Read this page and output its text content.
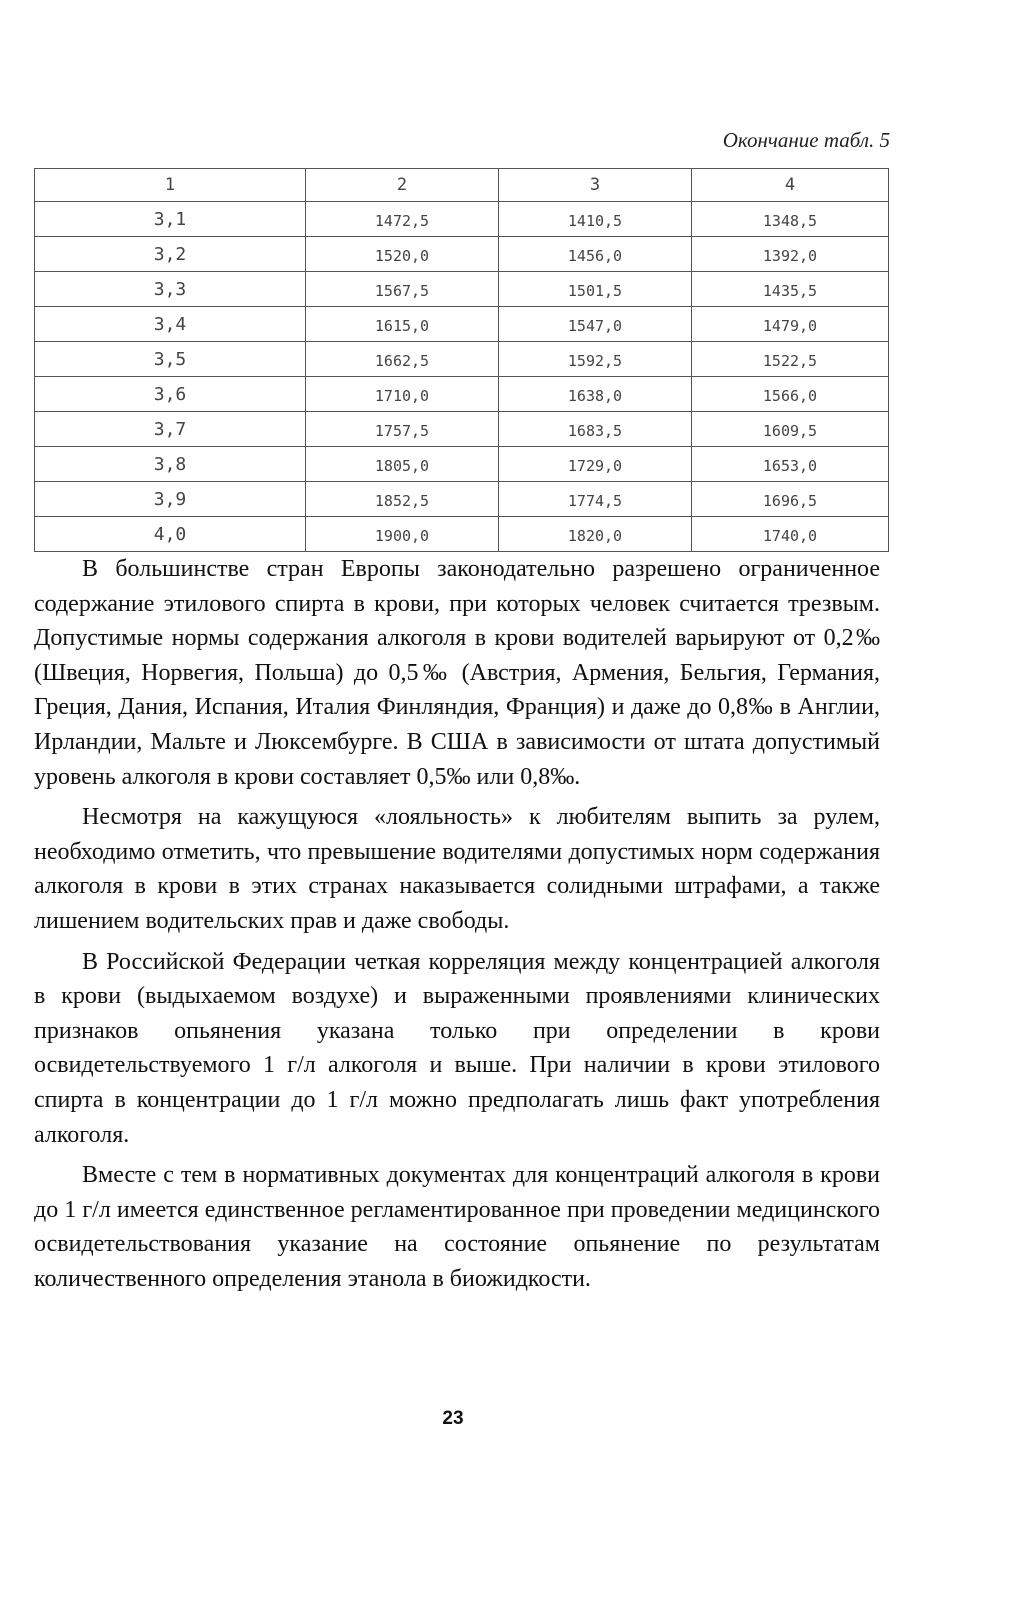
Окончание табл. 5
1	2	3	4
3,1	1472,5	1410,5	1348,5
3,2	1520,0	1456,0	1392,0
3,3	1567,5	1501,5	1435,5
3,4	1615,0	1547,0	1479,0
3,5	1662,5	1592,5	1522,5
3,6	1710,0	1638,0	1566,0
3,7	1757,5	1683,5	1609,5
3,8	1805,0	1729,0	1653,0
3,9	1852,5	1774,5	1696,5
4,0	1900,0	1820,0	1740,0

В большинстве стран Европы законодательно разрешено ограниченное содержание этилового спирта в крови, при которых человек считается трезвым. Допустимые нормы содержания алкоголя в крови водителей варьируют от 0,2‰ (Швеция, Норвегия, Польша) до 0,5‰ (Австрия, Армения, Бельгия, Германия, Греция, Дания, Испания, Италия Финляндия, Франция) и даже до 0,8‰ в Англии, Ирландии, Мальте и Люксембурге. В США в зависимости от штата допустимый уровень алкоголя в крови составляет 0,5‰ или 0,8‰.

Несмотря на кажущуюся «лояльность» к любителям выпить за рулем, необходимо отметить, что превышение водителями допустимых норм содержания алкоголя в крови в этих странах наказывается солидными штрафами, а также лишением водительских прав и даже свободы.

В Российской Федерации четкая корреляция между концентрацией алкоголя в крови (выдыхаемом воздухе) и выраженными проявлениями клинических признаков опьянения указана только при определении в крови освидетельствуемого 1 г/л алкоголя и выше. При наличии в крови этилового спирта в концентрации до 1 г/л можно предполагать лишь факт употребления алкоголя.

Вместе с тем в нормативных документах для концентраций алкоголя в крови до 1 г/л имеется единственное регламентированное при проведении медицинского освидетельствования указание на состояние опьянение по результатам количественного определения этанола в биожидкости.

23
